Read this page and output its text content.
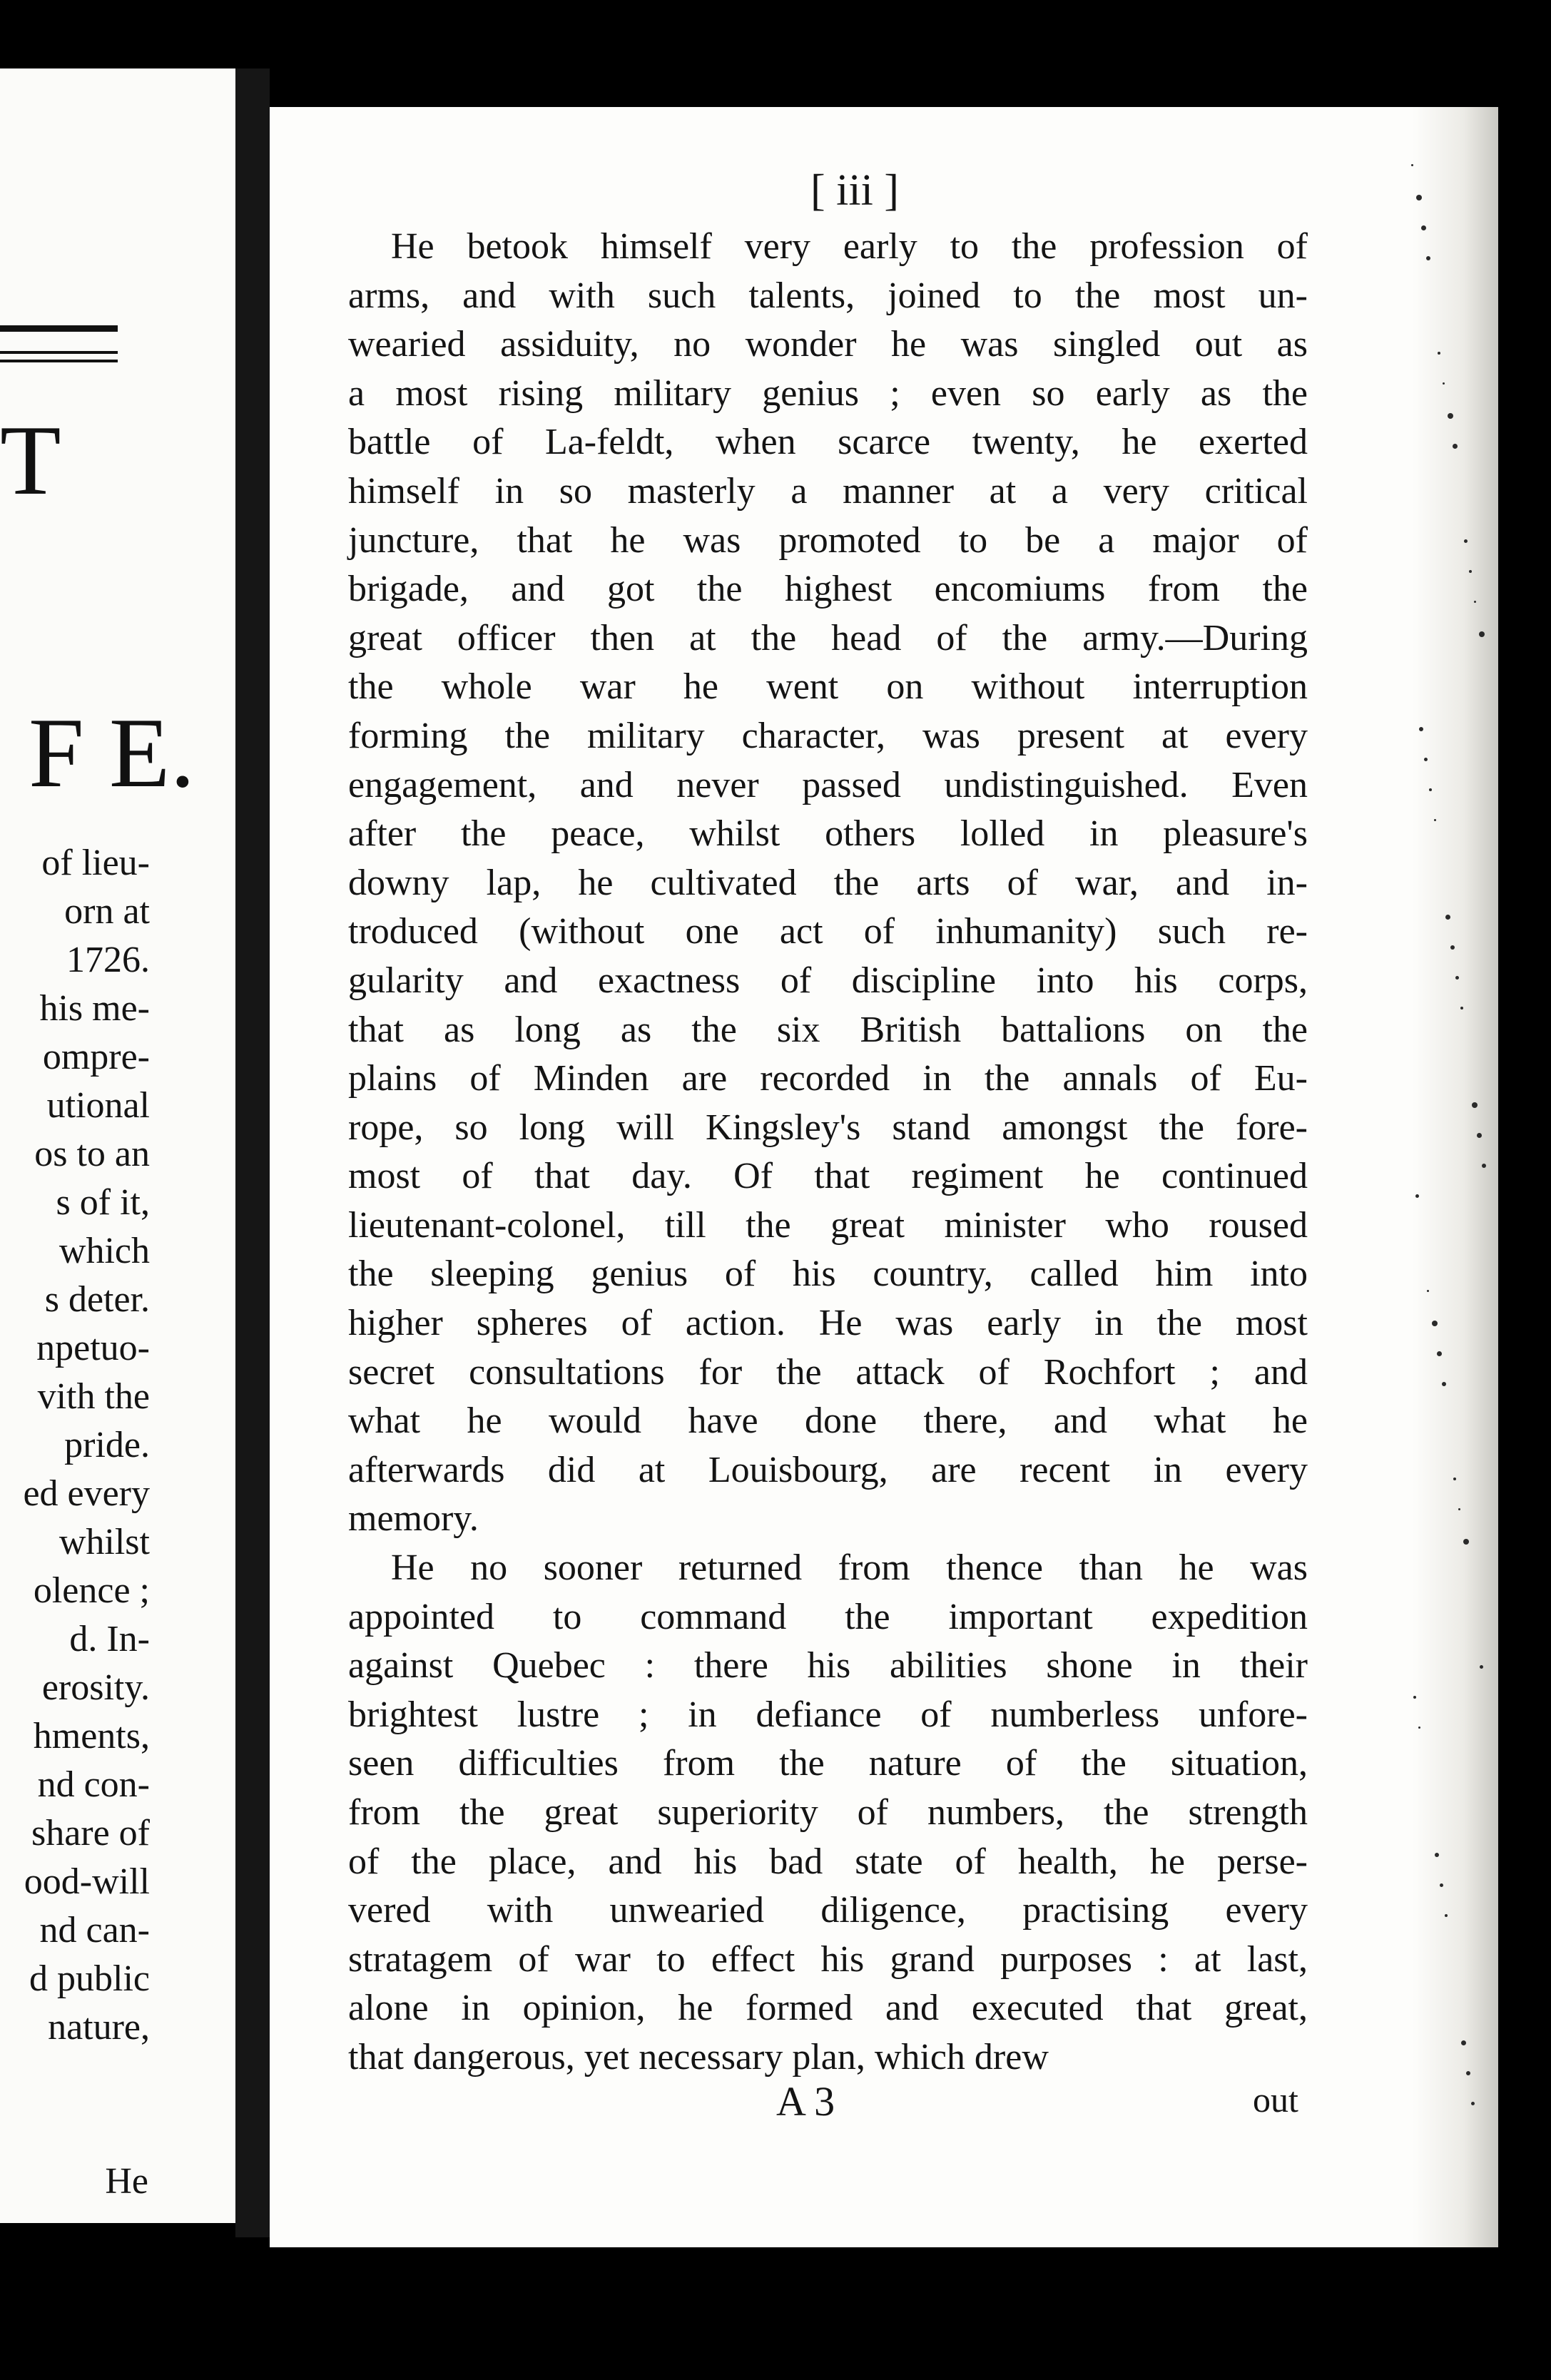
T
F E.
of lieu-
orn at
1726.
his me-
ompre-
utional
os to an
s of it,
which
s deter.
npetuo-
vith the
pride.
ed every
whilst
olence ;
d. In-
erosity.
hments,
nd con-
share of
ood-will
nd can-
d public
nature,
He
[ iii ]
He betook himself very early to the profession of
arms, and with such talents, joined to the most un-
wearied assiduity, no wonder he was singled out as
a most rising military genius ; even so early as the
battle of La-feldt, when scarce twenty, he exerted
himself in so masterly a manner at a very critical
juncture, that he was promoted to be a major of
brigade, and got the highest encomiums from the
great officer then at the head of the army.—During
the whole war he went on without interruption
forming the military character, was present at every
engagement, and never passed undistinguished. Even
after the peace, whilst others lolled in pleasure's
downy lap, he cultivated the arts of war, and in-
troduced (without one act of inhumanity) such re-
gularity and exactness of discipline into his corps,
that as long as the six British battalions on the
plains of Minden are recorded in the annals of Eu-
rope, so long will Kingsley's stand amongst the fore-
most of that day. Of that regiment he continued
lieutenant-colonel, till the great minister who roused
the sleeping genius of his country, called him into
higher spheres of action. He was early in the most
secret consultations for the attack of Rochfort ; and
what he would have done there, and what he
afterwards did at Louisbourg, are recent in every
memory.
He no sooner returned from thence than he was
appointed to command the important expedition
against Quebec : there his abilities shone in their
brightest lustre ; in defiance of numberless unfore-
seen difficulties from the nature of the situation,
from the great superiority of numbers, the strength
of the place, and his bad state of health, he perse-
vered with unwearied diligence, practising every
stratagem of war to effect his grand purposes : at last,
alone in opinion, he formed and executed that great,
that dangerous, yet necessary plan, which drew
A 3	out
